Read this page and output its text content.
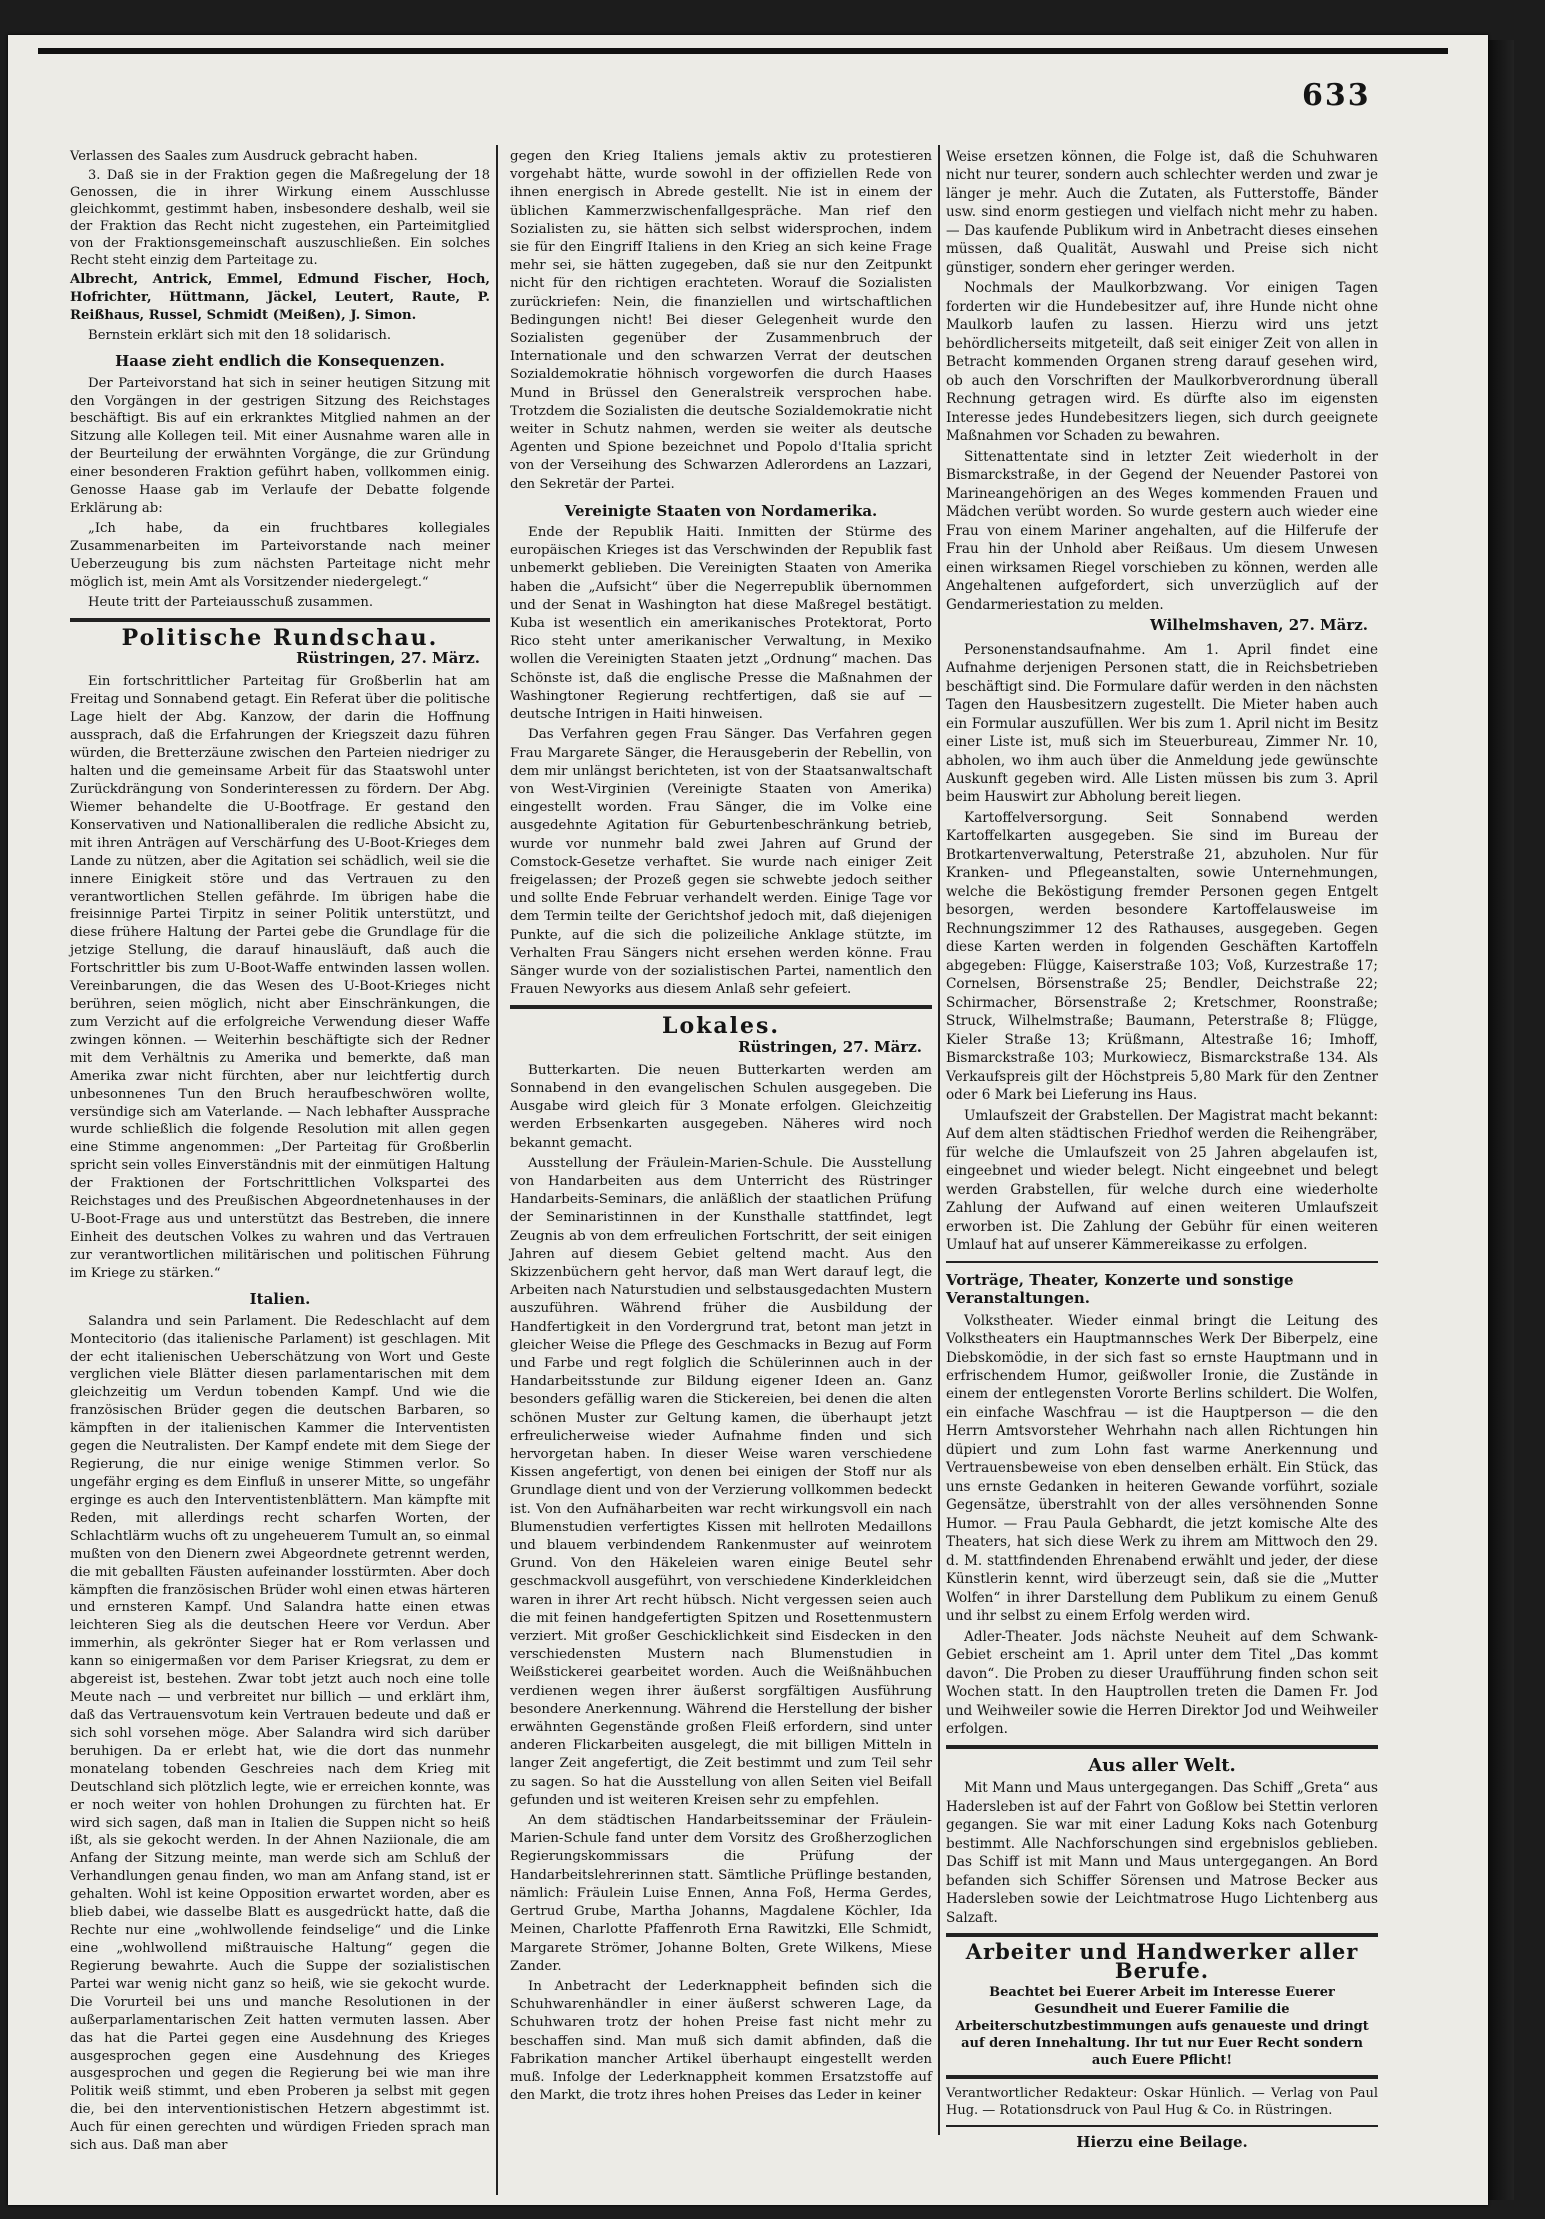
633

Verlassen des Saales zum Ausdruck gebracht haben.

3. Daß sie in der Fraktion gegen die Maßregelung der 18 Genossen, die in ihrer Wirkung einem Ausschlusse gleichkommt, gestimmt haben, insbesondere deshalb, weil sie der Fraktion das Recht nicht zugestehen, ein Parteimitglied von der Fraktionsgemeinschaft auszuschließen. Ein solches Recht steht einzig dem Parteitage zu.

Albrecht, Antrick, Emmel, Edmund Fischer, Hoch, Hofrichter, Hüttmann, Jäckel, Leutert, Raute, P. Reißhaus, Russel, Schmidt (Meißen), J. Simon.

Bernstein erklärt sich mit den 18 solidarisch.

Haase zieht endlich die Konsequenzen.

Der Parteivorstand hat sich in seiner heutigen Sitzung mit den Vorgängen in der gestrigen Sitzung des Reichstages beschäftigt. Bis auf ein erkranktes Mitglied nahmen an der Sitzung alle Kollegen teil. Mit einer Ausnahme waren alle in der Beurteilung der erwähnten Vorgänge, die zur Gründung einer besonderen Fraktion geführt haben, vollkommen einig. Genosse Haase gab im Verlaufe der Debatte folgende Erklärung ab:

„Ich habe, da ein fruchtbares kollegiales Zusammenarbeiten im Parteivorstande nach meiner Ueberzeugung bis zum nächsten Parteitage nicht mehr möglich ist, mein Amt als Vorsitzender niedergelegt.“

Heute tritt der Parteiausschuß zusammen.

Politische Rundschau.
Rüstringen, 27. März.

Ein fortschrittlicher Parteitag für Großberlin hat am Freitag und Sonnabend getagt. Ein Referat über die politische Lage hielt der Abg. Kanzow, der darin die Hoffnung aussprach, daß die Erfahrungen der Kriegszeit dazu führen würden, die Bretterzäune zwischen den Parteien niedriger zu halten und die gemeinsame Arbeit für das Staatswohl unter Zurückdrängung von Sonderinteressen zu fördern. Der Abg. Wiemer behandelte die U-Bootfrage. Er gestand den Konservativen und Nationalliberalen die redliche Absicht zu, mit ihren Anträgen auf Verschärfung des U-Boot-Krieges dem Lande zu nützen, aber die Agitation sei schädlich, weil sie die innere Einigkeit störe und das Vertrauen zu den verantwortlichen Stellen gefährde. Im übrigen habe die freisinnige Partei Tirpitz in seiner Politik unterstützt, und diese frühere Haltung der Partei gebe die Grundlage für die jetzige Stellung, die darauf hinausläuft, daß auch die Fortschrittler bis zum U-Boot-Waffe entwinden lassen wollen. Vereinbarungen, die das Wesen des U-Boot-Krieges nicht berühren, seien möglich, nicht aber Einschränkungen, die zum Verzicht auf die erfolgreiche Verwendung dieser Waffe zwingen können. — Weiterhin beschäftigte sich der Redner mit dem Verhältnis zu Amerika und bemerkte, daß man Amerika zwar nicht fürchten, aber nur leichtfertig durch unbesonnenes Tun den Bruch heraufbeschwören wollte, versündige sich am Vaterlande. — Nach lebhafter Aussprache wurde schließlich die folgende Resolution mit allen gegen eine Stimme angenommen: „Der Parteitag für Großberlin spricht sein volles Einverständnis mit der einmütigen Haltung der Fraktionen der Fortschrittlichen Volkspartei des Reichstages und des Preußischen Abgeordnetenhauses in der U-Boot-Frage aus und unterstützt das Bestreben, die innere Einheit des deutschen Volkes zu wahren und das Vertrauen zur verantwortlichen militärischen und politischen Führung im Kriege zu stärken.“

Italien.

Salandra und sein Parlament. Die Redeschlacht auf dem Montecitorio (das italienische Parlament) ist geschlagen. Mit der echt italienischen Ueberschätzung von Wort und Geste verglichen viele Blätter diesen parlamentarischen mit dem gleichzeitig um Verdun tobenden Kampf. Und wie die französischen Brüder gegen die deutschen Barbaren, so kämpften in der italienischen Kammer die Interventisten gegen die Neutralisten. Der Kampf endete mit dem Siege der Regierung, die nur einige wenige Stimmen verlor. So ungefähr erging es dem Einfluß in unserer Mitte, so ungefähr erginge es auch den Interventistenblättern. Man kämpfte mit Reden, mit allerdings recht scharfen Worten, der Schlachtlärm wuchs oft zu ungeheuerem Tumult an, so einmal mußten von den Dienern zwei Abgeordnete getrennt werden, die mit geballten Fäusten aufeinander losstürmten. Aber doch kämpften die französischen Brüder wohl einen etwas härteren und ernsteren Kampf. Und Salandra hatte einen etwas leichteren Sieg als die deutschen Heere vor Verdun. Aber immerhin, als gekrönter Sieger hat er Rom verlassen und kann so einigermaßen vor dem Pariser Kriegsrat, zu dem er abgereist ist, bestehen. Zwar tobt jetzt auch noch eine tolle Meute nach — und verbreitet nur billich — und erklärt ihm, daß das Vertrauensvotum kein Vertrauen bedeute und daß er sich sohl vorsehen möge. Aber Salandra wird sich darüber beruhigen. Da er erlebt hat, wie die dort das nunmehr monatelang tobenden Geschreies nach dem Krieg mit Deutschland sich plötzlich legte, wie er erreichen konnte, was er noch weiter von hohlen Drohungen zu fürchten hat. Er wird sich sagen, daß man in Italien die Suppen nicht so heiß ißt, als sie gekocht werden. In der Ahnen Naziionale, die am Anfang der Sitzung meinte, man werde sich am Schluß der Verhandlungen genau finden, wo man am Anfang stand, ist er gehalten. Wohl ist keine Opposition erwartet worden, aber es blieb dabei, wie dasselbe Blatt es ausgedrückt hatte, daß die Rechte nur eine „wohlwollende feindselige“ und die Linke eine „wohlwollend mißtrauische Haltung“ gegen die Regierung bewahrte. Auch die Suppe der sozialistischen Partei war wenig nicht ganz so heiß, wie sie gekocht wurde. Die Vorurteil bei uns und manche Resolutionen in der außerparlamentarischen Zeit hatten vermuten lassen. Aber das hat die Partei gegen eine Ausdehnung des Krieges ausgesprochen gegen eine Ausdehnung des Krieges ausgesprochen und gegen die Regierung bei wie man ihre Politik weiß stimmt, und eben Proberen ja selbst mit gegen die, bei den interventionistischen Hetzern abgestimmt ist. Auch für einen gerechten und würdigen Frieden sprach man sich aus. Daß man aber

gegen den Krieg Italiens jemals aktiv zu protestieren vorgehabt hätte, wurde sowohl in der offiziellen Rede von ihnen energisch in Abrede gestellt. Nie ist in einem der üblichen Kammerzwischenfallgespräche. Man rief den Sozialisten zu, sie hätten sich selbst widersprochen, indem sie für den Eingriff Italiens in den Krieg an sich keine Frage mehr sei, sie hätten zugegeben, daß sie nur den Zeitpunkt nicht für den richtigen erachteten. Worauf die Sozialisten zurückriefen: Nein, die finanziellen und wirtschaftlichen Bedingungen nicht! Bei dieser Gelegenheit wurde den Sozialisten gegenüber der Zusammenbruch der Internationale und den schwarzen Verrat der deutschen Sozialdemokratie höhnisch vorgeworfen die durch Haases Mund in Brüssel den Generalstreik versprochen habe. Trotzdem die Sozialisten die deutsche Sozialdemokratie nicht weiter in Schutz nahmen, werden sie weiter als deutsche Agenten und Spione bezeichnet und Popolo d'Italia spricht von der Verseihung des Schwarzen Adlerordens an Lazzari, den Sekretär der Partei.

Vereinigte Staaten von Nordamerika.

Ende der Republik Haiti. Inmitten der Stürme des europäischen Krieges ist das Verschwinden der Republik fast unbemerkt geblieben. Die Vereinigten Staaten von Amerika haben die „Aufsicht“ über die Negerrepublik übernommen und der Senat in Washington hat diese Maßregel bestätigt. Kuba ist wesentlich ein amerikanisches Protektorat, Porto Rico steht unter amerikanischer Verwaltung, in Mexiko wollen die Vereinigten Staaten jetzt „Ordnung“ machen. Das Schönste ist, daß die englische Presse die Maßnahmen der Washingtoner Regierung rechtfertigen, daß sie auf — deutsche Intrigen in Haiti hinweisen.

Das Verfahren gegen Frau Sänger. Das Verfahren gegen Frau Margarete Sänger, die Herausgeberin der Rebellin, von dem mir unlängst berichteten, ist von der Staatsanwaltschaft von West-Virginien (Vereinigte Staaten von Amerika) eingestellt worden. Frau Sänger, die im Volke eine ausgedehnte Agitation für Geburtenbeschränkung betrieb, wurde vor nunmehr bald zwei Jahren auf Grund der Comstock-Gesetze verhaftet. Sie wurde nach einiger Zeit freigelassen; der Prozeß gegen sie schwebte jedoch seither und sollte Ende Februar verhandelt werden. Einige Tage vor dem Termin teilte der Gerichtshof jedoch mit, daß diejenigen Punkte, auf die sich die polizeiliche Anklage stützte, im Verhalten Frau Sängers nicht ersehen werden könne. Frau Sänger wurde von der sozialistischen Partei, namentlich den Frauen Newyorks aus diesem Anlaß sehr gefeiert.

Lokales.
Rüstringen, 27. März.

Butterkarten. Die neuen Butterkarten werden am Sonnabend in den evangelischen Schulen ausgegeben. Die Ausgabe wird gleich für 3 Monate erfolgen. Gleichzeitig werden Erbsenkarten ausgegeben. Näheres wird noch bekannt gemacht.

Ausstellung der Fräulein-Marien-Schule. Die Ausstellung von Handarbeiten aus dem Unterricht des Rüstringer Handarbeits-Seminars, die anläßlich der staatlichen Prüfung der Seminaristinnen in der Kunsthalle stattfindet, legt Zeugnis ab von dem erfreulichen Fortschritt, der seit einigen Jahren auf diesem Gebiet geltend macht. Aus den Skizzenbüchern geht hervor, daß man Wert darauf legt, die Arbeiten nach Naturstudien und selbstausgedachten Mustern auszuführen. Während früher die Ausbildung der Handfertigkeit in den Vordergrund trat, betont man jetzt in gleicher Weise die Pflege des Geschmacks in Bezug auf Form und Farbe und regt folglich die Schülerinnen auch in der Handarbeitsstunde zur Bildung eigener Ideen an. Ganz besonders gefällig waren die Stickereien, bei denen die alten schönen Muster zur Geltung kamen, die überhaupt jetzt erfreulicherweise wieder Aufnahme finden und sich hervorgetan haben. In dieser Weise waren verschiedene Kissen angefertigt, von denen bei einigen der Stoff nur als Grundlage dient und von der Verzierung vollkommen bedeckt ist. Von den Aufnäharbeiten war recht wirkungsvoll ein nach Blumenstudien verfertigtes Kissen mit hellroten Medaillons und blauem verbindendem Rankenmuster auf weinrotem Grund. Von den Häkeleien waren einige Beutel sehr geschmackvoll ausgeführt, von verschiedene Kinderkleidchen waren in ihrer Art recht hübsch. Nicht vergessen seien auch die mit feinen handgefertigten Spitzen und Rosettenmustern verziert. Mit großer Geschicklichkeit sind Eisdecken in den verschiedensten Mustern nach Blumenstudien in Weißstickerei gearbeitet worden. Auch die Weißnähbuchen verdienen wegen ihrer äußerst sorgfältigen Ausführung besondere Anerkennung. Während die Herstellung der bisher erwähnten Gegenstände großen Fleiß erfordern, sind unter anderen Flickarbeiten ausgelegt, die mit billigen Mitteln in langer Zeit angefertigt, die Zeit bestimmt und zum Teil sehr zu sagen. So hat die Ausstellung von allen Seiten viel Beifall gefunden und ist weiteren Kreisen sehr zu empfehlen.

An dem städtischen Handarbeitsseminar der Fräulein-Marien-Schule fand unter dem Vorsitz des Großherzoglichen Regierungskommissars die Prüfung der Handarbeitslehrerinnen statt. Sämtliche Prüflinge bestanden, nämlich: Fräulein Luise Ennen, Anna Foß, Herma Gerdes, Gertrud Grube, Martha Johanns, Magdalene Köchler, Ida Meinen, Charlotte Pfaffenroth Erna Rawitzki, Elle Schmidt, Margarete Strömer, Johanne Bolten, Grete Wilkens, Miese Zander.

In Anbetracht der Lederknappheit befinden sich die Schuhwarenhändler in einer äußerst schweren Lage, da Schuhwaren trotz der hohen Preise fast nicht mehr zu beschaffen sind. Man muß sich damit abfinden, daß die Fabrikation mancher Artikel überhaupt eingestellt werden muß. Infolge der Lederknappheit kommen Ersatzstoffe auf den Markt, die trotz ihres hohen Preises das Leder in keiner

Weise ersetzen können, die Folge ist, daß die Schuhwaren nicht nur teurer, sondern auch schlechter werden und zwar je länger je mehr. Auch die Zutaten, als Futterstoffe, Bänder usw. sind enorm gestiegen und vielfach nicht mehr zu haben. — Das kaufende Publikum wird in Anbetracht dieses einsehen müssen, daß Qualität, Auswahl und Preise sich nicht günstiger, sondern eher geringer werden.

Nochmals der Maulkorbzwang. Vor einigen Tagen forderten wir die Hundebesitzer auf, ihre Hunde nicht ohne Maulkorb laufen zu lassen. Hierzu wird uns jetzt behördlicherseits mitgeteilt, daß seit einiger Zeit von allen in Betracht kommenden Organen streng darauf gesehen wird, ob auch den Vorschriften der Maulkorbverordnung überall Rechnung getragen wird. Es dürfte also im eigensten Interesse jedes Hundebesitzers liegen, sich durch geeignete Maßnahmen vor Schaden zu bewahren.

Sittenattentate sind in letzter Zeit wiederholt in der Bismarckstraße, in der Gegend der Neuender Pastorei von Marineangehörigen an des Weges kommenden Frauen und Mädchen verübt worden. So wurde gestern auch wieder eine Frau von einem Mariner angehalten, auf die Hilferufe der Frau hin der Unhold aber Reißaus. Um diesem Unwesen einen wirksamen Riegel vorschieben zu können, werden alle Angehaltenen aufgefordert, sich unverzüglich auf der Gendarmeriestation zu melden.

Wilhelmshaven, 27. März.

Personenstandsaufnahme. Am 1. April findet eine Aufnahme derjenigen Personen statt, die in Reichsbetrieben beschäftigt sind. Die Formulare dafür werden in den nächsten Tagen den Hausbesitzern zugestellt. Die Mieter haben auch ein Formular auszufüllen. Wer bis zum 1. April nicht im Besitz einer Liste ist, muß sich im Steuerbureau, Zimmer Nr. 10, abholen, wo ihm auch über die Anmeldung jede gewünschte Auskunft gegeben wird. Alle Listen müssen bis zum 3. April beim Hauswirt zur Abholung bereit liegen.

Kartoffelversorgung. Seit Sonnabend werden Kartoffelkarten ausgegeben. Sie sind im Bureau der Brotkartenverwaltung, Peterstraße 21, abzuholen. Nur für Kranken- und Pflegeanstalten, sowie Unternehmungen, welche die Beköstigung fremder Personen gegen Entgelt besorgen, werden besondere Kartoffelausweise im Rechnungszimmer 12 des Rathauses, ausgegeben. Gegen diese Karten werden in folgenden Geschäften Kartoffeln abgegeben: Flügge, Kaiserstraße 103; Voß, Kurzestraße 17; Cornelsen, Börsenstraße 25; Bendler, Deichstraße 22; Schirmacher, Börsenstraße 2; Kretschmer, Roonstraße; Struck, Wilhelmstraße; Baumann, Peterstraße 8; Flügge, Kieler Straße 13; Krüßmann, Altestraße 16; Imhoff, Bismarckstraße 103; Murkowiecz, Bismarckstraße 134. Als Verkaufspreis gilt der Höchstpreis 5,80 Mark für den Zentner oder 6 Mark bei Lieferung ins Haus.

Umlaufszeit der Grabstellen. Der Magistrat macht bekannt: Auf dem alten städtischen Friedhof werden die Reihengräber, für welche die Umlaufszeit von 25 Jahren abgelaufen ist, eingeebnet und wieder belegt. Nicht eingeebnet und belegt werden Grabstellen, für welche durch eine wiederholte Zahlung der Aufwand auf einen weiteren Umlaufszeit erworben ist. Die Zahlung der Gebühr für einen weiteren Umlauf hat auf unserer Kämmereikasse zu erfolgen.

Vorträge, Theater, Konzerte und sonstige Veranstaltungen.

Volkstheater. Wieder einmal bringt die Leitung des Volkstheaters ein Hauptmannsches Werk Der Biberpelz, eine Diebskomödie, in der sich fast so ernste Hauptmann und in erfrischendem Humor, geißwoller Ironie, die Zustände in einem der entlegensten Vororte Berlins schildert. Die Wolfen, ein einfache Waschfrau — ist die Hauptperson — die den Herrn Amtsvorsteher Wehrhahn nach allen Richtungen hin düpiert und zum Lohn fast warme Anerkennung und Vertrauensbeweise von eben denselben erhält. Ein Stück, das uns ernste Gedanken in heiteren Gewande vorführt, soziale Gegensätze, überstrahlt von der alles versöhnenden Sonne Humor. — Frau Paula Gebhardt, die jetzt komische Alte des Theaters, hat sich diese Werk zu ihrem am Mittwoch den 29. d. M. stattfindenden Ehrenabend erwählt und jeder, der diese Künstlerin kennt, wird überzeugt sein, daß sie die „Mutter Wolfen“ in ihrer Darstellung dem Publikum zu einem Genuß und ihr selbst zu einem Erfolg werden wird.

Adler-Theater. Jods nächste Neuheit auf dem Schwank-Gebiet erscheint am 1. April unter dem Titel „Das kommt davon“. Die Proben zu dieser Uraufführung finden schon seit Wochen statt. In den Hauptrollen treten die Damen Fr. Jod und Weihweiler sowie die Herren Direktor Jod und Weihweiler erfolgen.

Aus aller Welt.

Mit Mann und Maus untergegangen. Das Schiff „Greta“ aus Hadersleben ist auf der Fahrt von Goßlow bei Stettin verloren gegangen. Sie war mit einer Ladung Koks nach Gotenburg bestimmt. Alle Nachforschungen sind ergebnislos geblieben. Das Schiff ist mit Mann und Maus untergegangen. An Bord befanden sich Schiffer Sörensen und Matrose Becker aus Hadersleben sowie der Leichtmatrose Hugo Lichtenberg aus Salzaft.

Arbeiter und Handwerker aller Berufe.
Beachtet bei Euerer Arbeit im Interesse Euerer Gesundheit und Euerer Familie die Arbeiterschutzbestimmungen aufs genaueste und dringt auf deren Innehaltung. Ihr tut nur Euer Recht sondern auch Euere Pflicht!
Verantwortlicher Redakteur: Oskar Hünlich. — Verlag von Paul Hug. — Rotationsdruck von Paul Hug & Co. in Rüstringen.
Hierzu eine Beilage.
